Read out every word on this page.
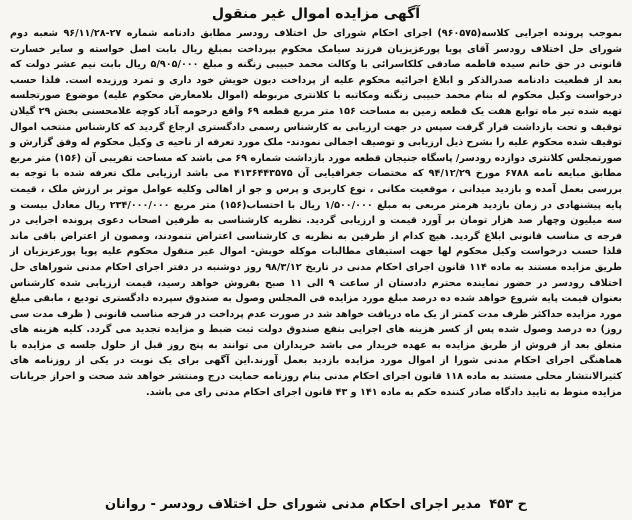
آگهی مزایده اموال غیر منقول

بموجب پرونده اجرایی کلاسه(۹۶۰۵۷۵) اجرای احکام شورای حل اختلاف رودسر مطابق دادنامه شماره ۲۷-۹۶/۱۱/۲۸ شعبه دوم شورای حل اختلاف رودسر آقای پویا پورعزیزیان فرزند سیامک محکوم بپرداخت بمبلغ ریال بابت اصل خواسته و سایر خسارت قانونی در حق خانم سیده فاطمه صادقی کلکاسرائی با وکالت محمد حبیبی زنگنه و مبلغ ۵/۹۰۵/۰۰۰ ریال بابت نیم عشر دولت که بعد از قطعیت دادنامه صدرالذکر و ابلاغ اجرائیه محکوم علیه از پرداخت دیون خویش خود داری و تمرد ورزیده است. فلذا حسب درخواست وکیل محکوم له بنام محمد حبیبی زنگنه ومکاتبه با کلانتری مربوطه (اموال بلامعارض محکوم علیه) موضوع صورتجلسه تهیه شده تیر ماه توابع هفت یک قطعه زمین به مساحت ۱۵۶ متر مربع قطعه ۶۹ واقع درحومه آباد کوچه غلامحسنی بخش ۲۹ گیلان توقیف و تحت بازداشت قرار گرفت سپس در جهت ارزیابی به کارشناس رسمی دادگستری ارجاع گردید که کارشناس منتخب اموال توقیف شده محکوم علیه را بشرح ذیل ارزیابی و توصیف اجمالی نمودند- ملک مورد تعرفه از ناحیه ی وکیل محکوم له وفق گزارش و صورتمجلس کلانتری دوازده رودسر/ پاسگاه جنیجان قطعه مورد بازداشت شماره ۶۹ می باشد که مساحت تقریبی آن (۱۵۶) متر مربع مطابق مبایعه نامه ۶۷۸۸ مورخ ۹۴/۱۲/۲۹ که مختصات جغرافیایی آن ۴۱۳۶۴۴۳۵۷۵ می باشد ارزیابی ملک تعرفه شده با توجه به بررسی بعمل آمده و بازدید میدانی ، موقعیت مکانی ، نوع کاربری و پرس و جو از اهالی وکلیه عوامل موثر بر ارزش ملک ، قیمت پایه پیشنهادی در زمان بازدید هرمتر مربعی به مبلغ ۱/۵۰۰/۰۰۰ ریال با احتساب(۱۵۶) متر مربع ۲۳۴/۰۰۰/۰۰۰ ریال معادل بیست و سه میلیون وچهار صد هزار تومان بر آورد قیمت و ارزیابی گردید. نظریه کارشناسی به طرفین اصحاب دعوی پرونده اجرایی در فرجه ی مناسب قانونی ابلاغ گردید. هیچ کدام از طرفین به نظریه ی کارشناسی اعتراض ننمودند، ومصون از اعتراض باقی ماند فلذا حسب درخواست وکیل محکوم لها جهت استیفای مطالبات موکله خویش- اموال غیر منقول محکوم علیه پویا پورعزیزیان از طریق مزایده مستند به ماده ۱۱۴ قانون اجرای احکام مدنی در تاریخ ۹۸/۳/۱۲ روز دوشنبه در دفتر اجرای احکام مدنی شوراهای حل اختلاف رودسر در حضور نماینده محترم دادستان از ساعت ۹ الی ۱۱ صبح بفروش خواهد رسید، قیمت ارزیابی شده کارشناس بعنوان قیمت پایه شروع خواهد شده ده درصد مبلغ مورد مزایده فی المجلس وصول به صندوق سپرده دادگستری تودیع ، مابقی مبلغ مورد مزایده حداکثر ظرف مدت کمتر از یک ماه دریافت خواهد شد در صورت عدم پرداخت در فرجه مناسب قانونی ( ظرف مدت سی روز) ده درصد وصول شده پس از کسر هزینه های اجرایی بنفع صندوق دولت ثبت ضبط و مزایده تجدید می گردد. کلیه هزینه های متعلق بعد از فروش از طریق مزایده به عهده خریدار می باشد خریداران می توانند به پنج روز قبل از حلول جلسه ی مزایده با هماهنگی اجرای احکام مدنی شورا از اموال مورد مزایده بازدید بعمل آورند.این آگهی برای یک نوبت در یکی از روزنامه های کثیرالانتشار محلی مستند به ماده ۱۱۸ قانون اجرای احکام مدنی بنام روزنامه حمایت درج ومنتشر خواهد شد صحت و احراز جریانات مزایده منوط به تایید دادگاه صادر کننده حکم به ماده ۱۴۱ و ۴۳ قانون اجرای احکام مدنی رای می باشد.

ح ۴۵۳
مدیر اجرای احکام مدنی شورای حل اختلاف رودسر - روانان
